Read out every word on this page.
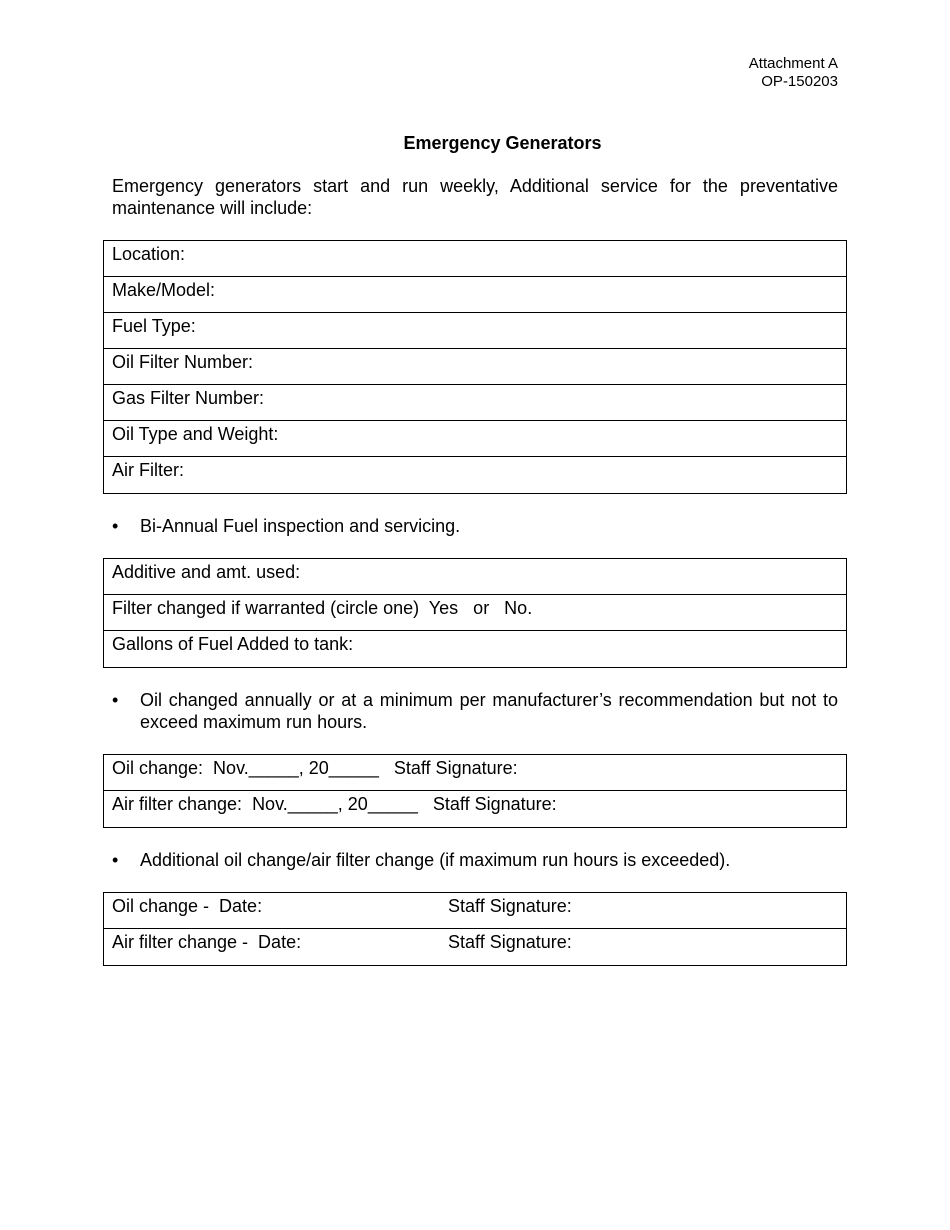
Attachment A
OP-150203
Emergency Generators
Emergency generators start and run weekly, Additional service for the preventative maintenance will include:
Location:
Make/Model:
Fuel Type:
Oil Filter Number:
Gas Filter Number:
Oil Type and Weight:
Air Filter:
•	Bi-Annual Fuel inspection and servicing.
Additive and amt. used:
Filter changed if warranted (circle one)  Yes   or   No.
Gallons of Fuel Added to tank:
•	Oil changed annually or at a minimum per manufacturer’s recommendation but not to exceed maximum run hours.
Oil change:  Nov._____, 20_____   Staff Signature:
Air filter change:  Nov._____, 20_____   Staff Signature:
•	Additional oil change/air filter change (if maximum run hours is exceeded).
Oil change -  Date:	Staff Signature:
Air filter change -  Date:	Staff Signature:
